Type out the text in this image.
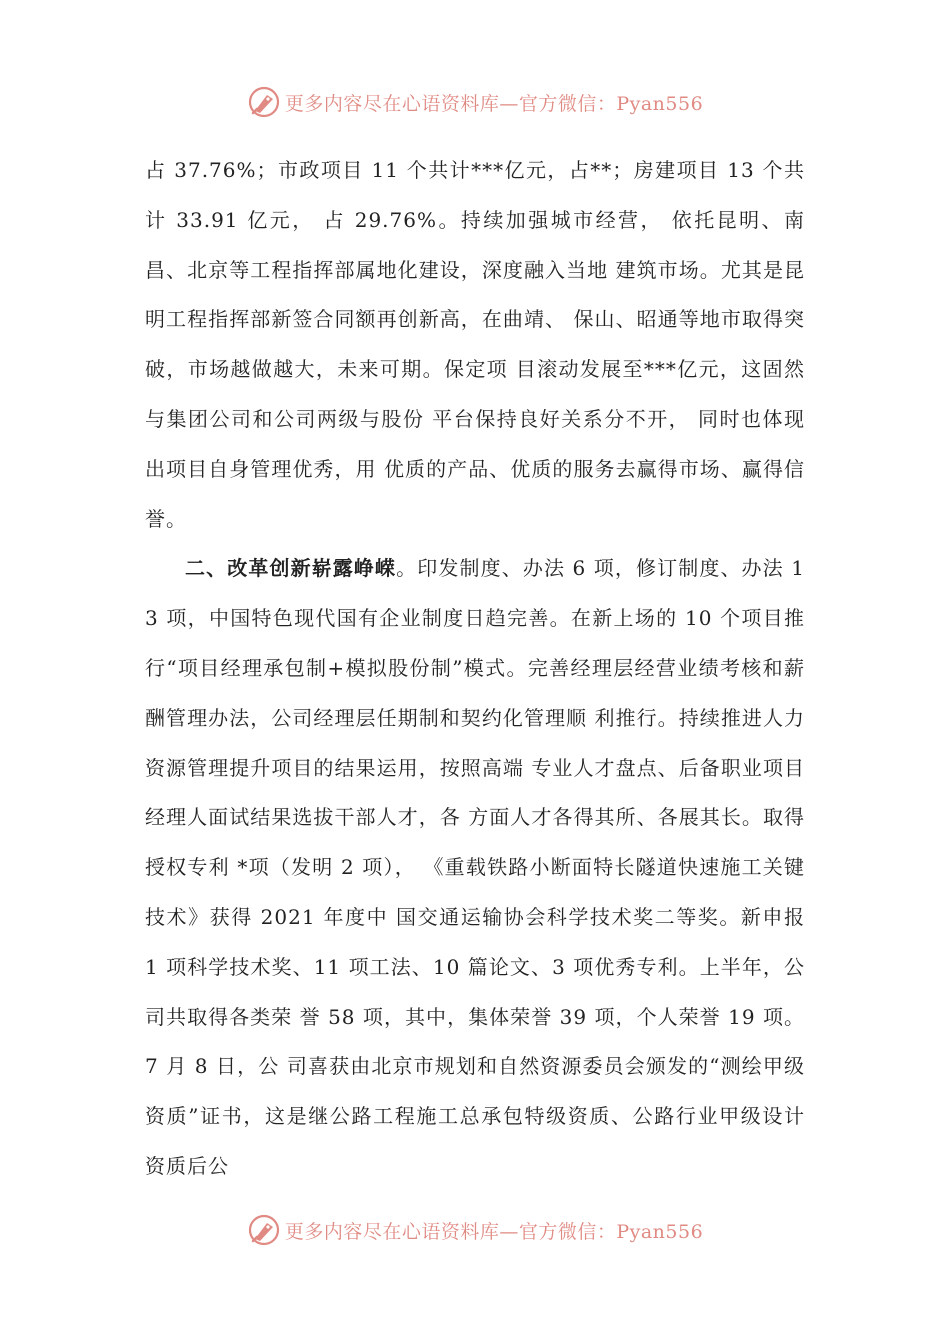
更多内容尽在心语资料库—官方微信：Pyan556

占 37.76%；市政项目 11 个共计***亿元，占**；房建项目 13 个共计 33.91 亿元， 占 29.76%。持续加强城市经营， 依托昆明、南昌、北京等工程指挥部属地化建设，深度融入当地 建筑市场。尤其是昆明工程指挥部新签合同额再创新高，在曲靖、 保山、昭通等地市取得突破，市场越做越大，未来可期。保定项 目滚动发展至***亿元，这固然与集团公司和公司两级与股份 平台保持良好关系分不开， 同时也体现出项目自身管理优秀，用 优质的产品、优质的服务去赢得市场、赢得信誉。

二、改革创新崭露峥嵘。印发制度、办法 6 项，修订制度、办法 13 项，中国特色现代国有企业制度日趋完善。在新上场的 10 个项目推行“项目经理承包制+模拟股份制”模式。完善经理层经营业绩考核和薪酬管理办法，公司经理层任期制和契约化管理顺 利推行。持续推进人力资源管理提升项目的结果运用，按照高端 专业人才盘点、后备职业项目经理人面试结果选拔干部人才，各 方面人才各得其所、各展其长。取得授权专利 *项（发明 2 项）， 《重载铁路小断面特长隧道快速施工关键技术》获得 2021 年度中 国交通运输协会科学技术奖二等奖。新申报 1 项科学技术奖、11 项工法、10 篇论文、3 项优秀专利。上半年，公司共取得各类荣 誉 58 项，其中，集体荣誉 39 项，个人荣誉 19 项。7 月 8 日，公 司喜获由北京市规划和自然资源委员会颁发的“测绘甲级资质”证书，这是继公路工程施工总承包特级资质、公路行业甲级设计 资质后公

更多内容尽在心语资料库—官方微信：Pyan556
